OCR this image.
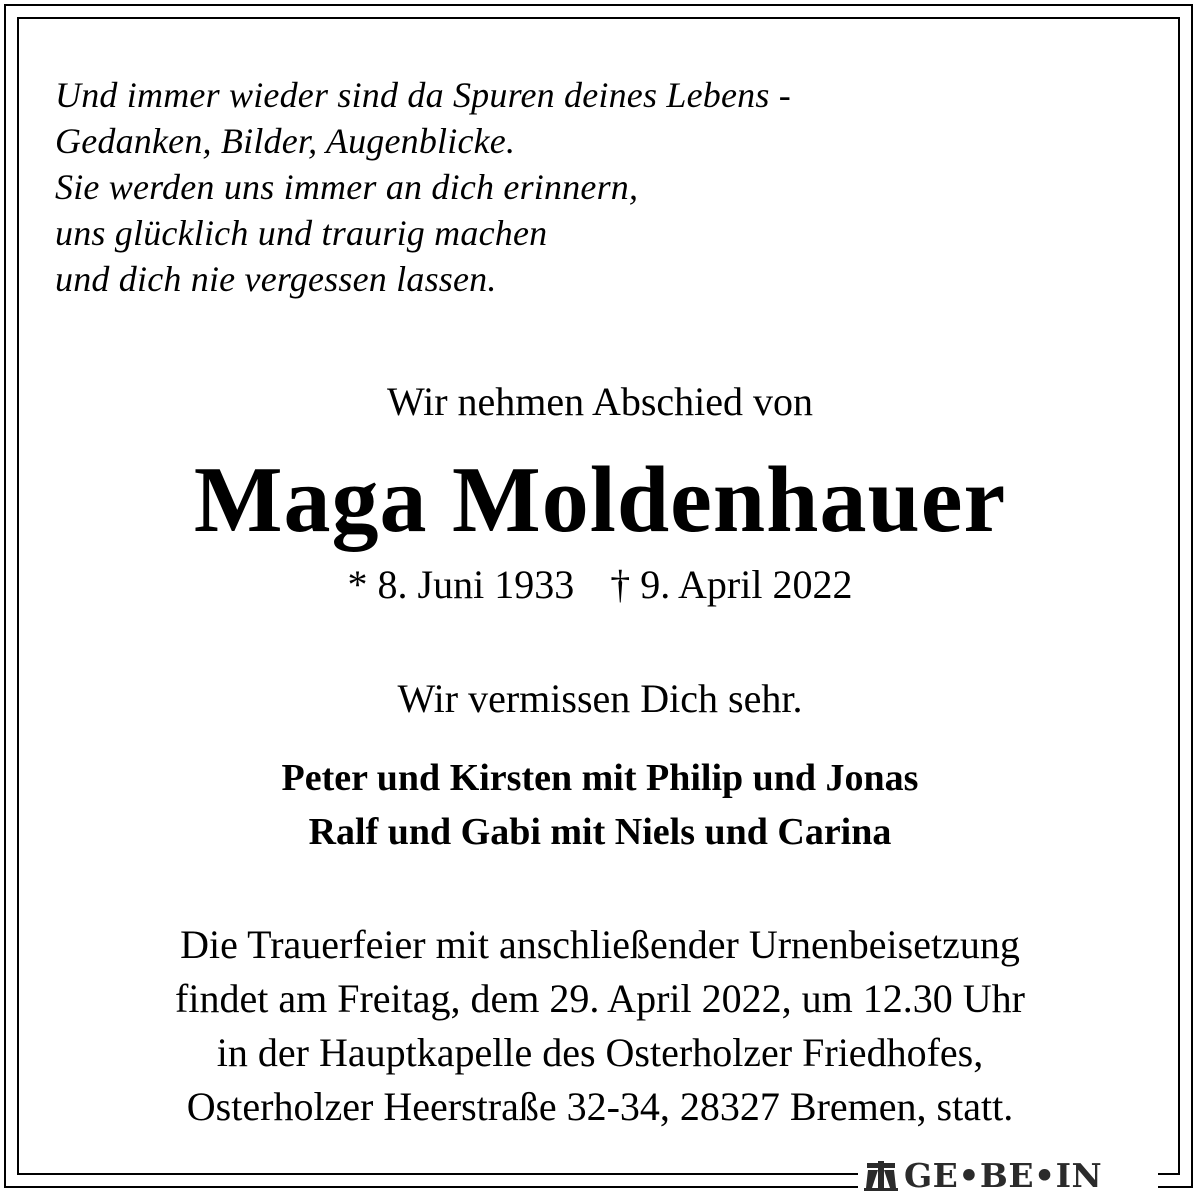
Und immer wieder sind da Spuren deines Lebens -
Gedanken, Bilder, Augenblicke.
Sie werden uns immer an dich erinnern,
uns glücklich und traurig machen
und dich nie vergessen lassen.
Wir nehmen Abschied von
Maga Moldenhauer
* 8. Juni 1933 † 9. April 2022
Wir vermissen Dich sehr.
Peter und Kirsten mit Philip und Jonas
Ralf und Gabi mit Niels und Carina
Die Trauerfeier mit anschließender Urnenbeisetzung
findet am Freitag, dem 29. April 2022, um 12.30 Uhr
in der Hauptkapelle des Osterholzer Friedhofes,
Osterholzer Heerstraße 32-34, 28327 Bremen, statt.
GE•BE•IN
